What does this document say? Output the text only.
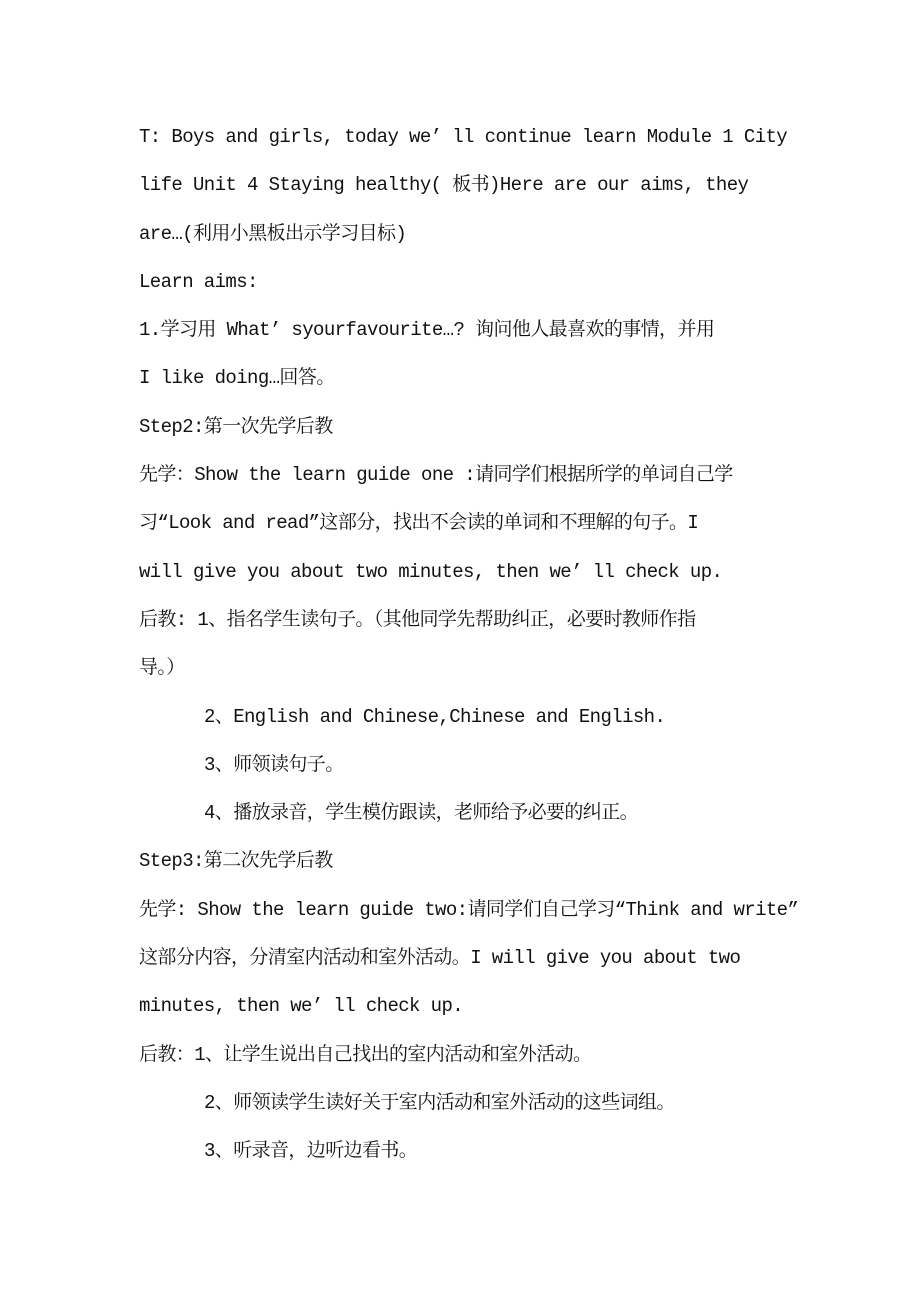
T: Boys and girls, today we’ ll continue learn Module 1 City
life Unit 4 Staying healthy( 板书)Here are our aims, they
are…(利用小黑板出示学习目标)
Learn aims:
1.学习用 What’ syourfavourite…? 询问他人最喜欢的事情，并用
I like doing…回答。
Step2:第一次先学后教
先学：Show the learn guide one :请同学们根据所学的单词自己学
习“Look and read”这部分，找出不会读的单词和不理解的句子。I
will give you about two minutes, then we’ ll check up.
后教: 1、指名学生读句子。（其他同学先帮助纠正，必要时教师作指
导。）
2、English and Chinese,Chinese and English.
3、师领读句子。
4、播放录音，学生模仿跟读，老师给予必要的纠正。
Step3:第二次先学后教
先学: Show the learn guide two:请同学们自己学习“Think and write”
这部分内容，分清室内活动和室外活动。I will give you about two
minutes, then we’ ll check up.
后教：1、让学生说出自己找出的室内活动和室外活动。
2、师领读学生读好关于室内活动和室外活动的这些词组。
3、听录音，边听边看书。
